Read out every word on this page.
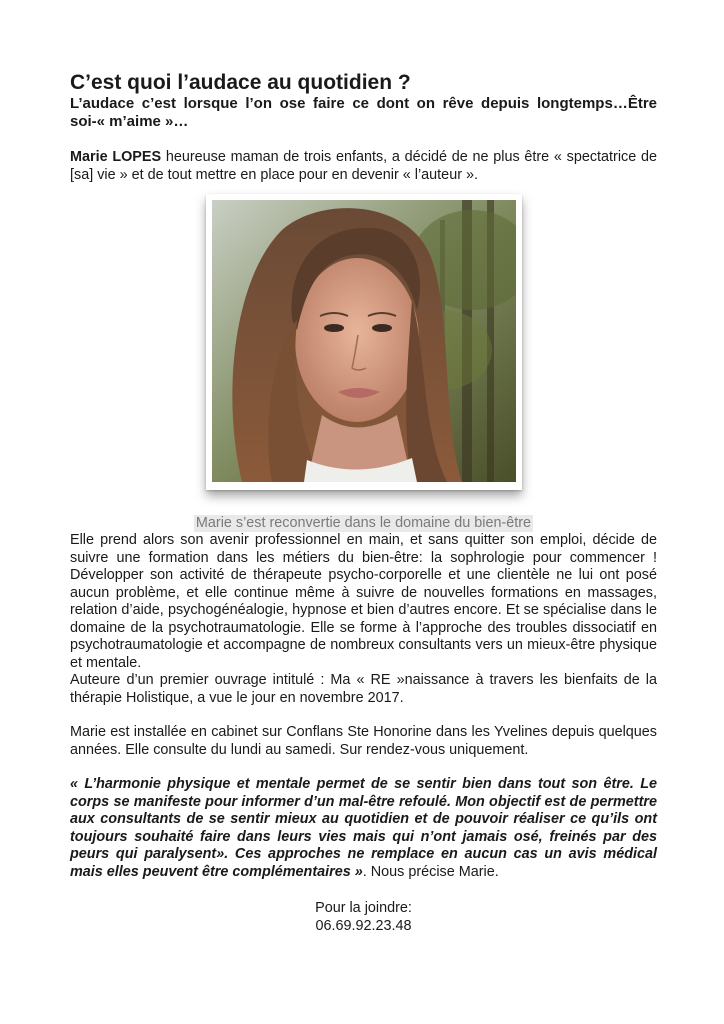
C’est quoi l’audace au quotidien ?
L’audace c’est lorsque l’on ose faire ce dont on rêve depuis longtemps…Être soi-« m’aime »…

Marie LOPES heureuse maman de trois enfants, a décidé de ne plus être « spectatrice de [sa] vie » et de tout mettre en place pour en devenir « l’auteur ».

Marie s’est reconvertie dans le domaine du bien-être

Elle prend alors son avenir professionnel en main, et sans quitter son emploi, décide de suivre une formation dans les métiers du bien-être: la sophrologie pour commencer ! Développer son activité de thérapeute psycho-corporelle et une clientèle ne lui ont posé aucun problème, et elle continue même à suivre de nouvelles formations en massages, relation d’aide, psychogénéalogie, hypnose et bien d’autres encore. Et se spécialise dans le domaine de la psychotraumatologie. Elle se forme à l’approche des troubles dissociatif en psychotraumatologie et accompagne de nombreux consultants vers un mieux-être physique et mentale.

Auteure d’un premier ouvrage intitulé : Ma « RE »naissance à travers les bienfaits de la thérapie Holistique, a vue le jour en novembre 2017.

Marie est installée en cabinet sur Conflans Ste Honorine dans les Yvelines depuis quelques années. Elle consulte du lundi au samedi. Sur rendez-vous uniquement.

« L’harmonie physique et mentale permet de se sentir bien dans tout son être. Le corps se manifeste pour informer d’un mal-être refoulé. Mon objectif est de permettre aux consultants de se sentir mieux au quotidien et de pouvoir réaliser ce qu’ils ont toujours souhaité faire dans leurs vies mais qui n’ont jamais osé, freinés par des peurs qui paralysent». Ces approches ne remplace en aucun cas un avis médical mais elles peuvent être complémentaires ». Nous précise Marie.

Pour la joindre:
06.69.92.23.48
